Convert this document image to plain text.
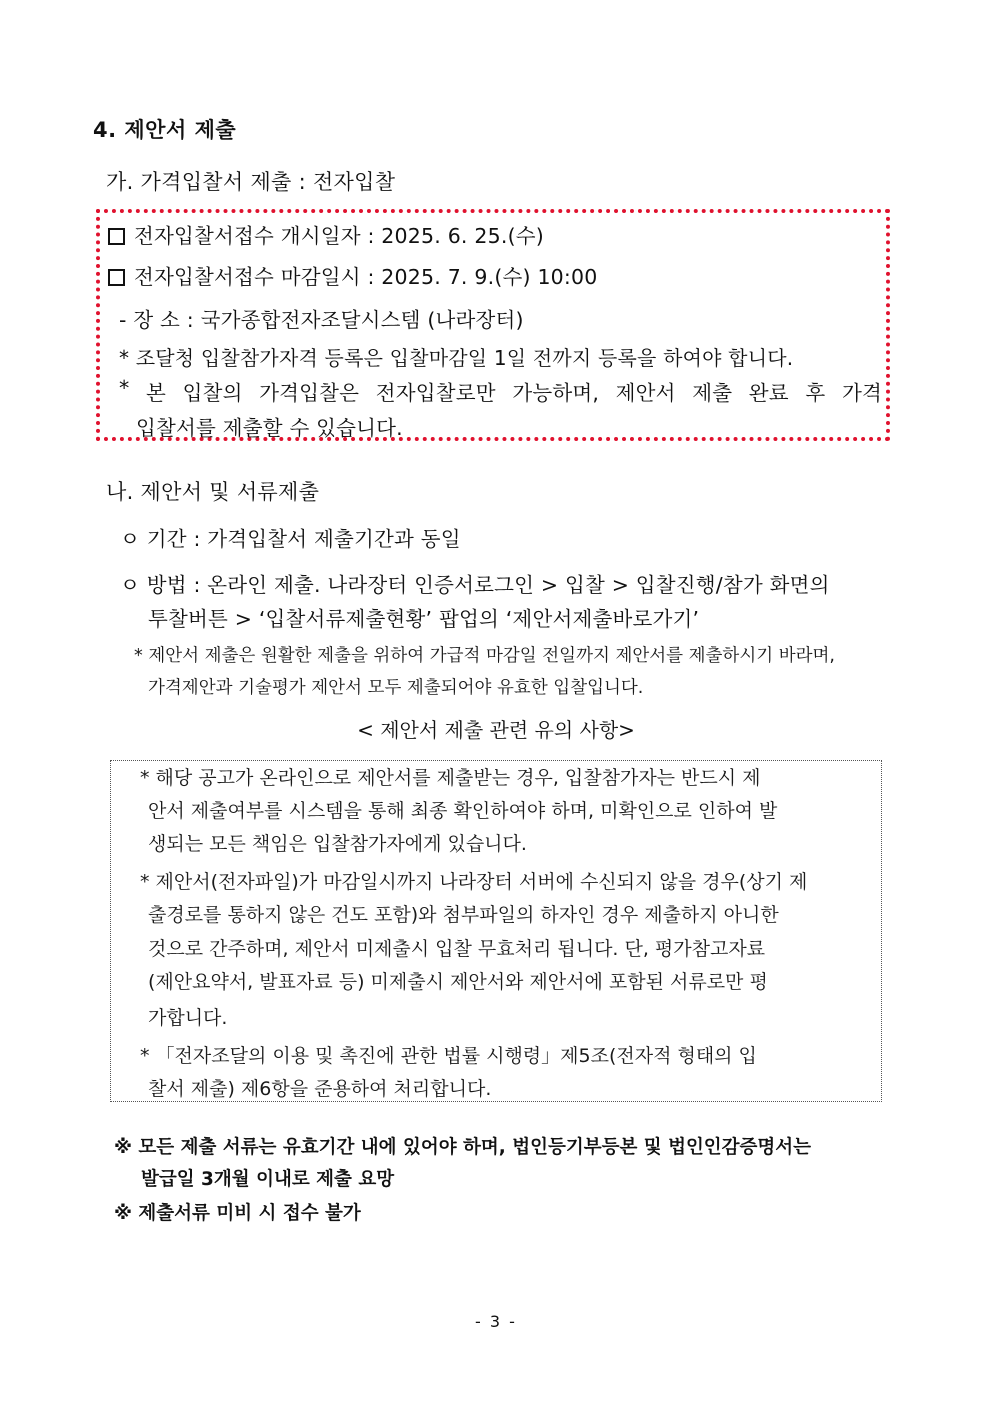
4. 제안서 제출
가. 가격입찰서 제출 : 전자입찰
전자입찰서접수 개시일자 : 2025. 6. 25.(수)
전자입찰서접수 마감일시 : 2025. 7. 9.(수) 10:00
- 장 소 : 국가종합전자조달시스템 (나라장터)
* 조달청 입찰참가자격 등록은 입찰마감일 1일 전까지 등록을 하여야 합니다.
* 본 입찰의 가격입찰은 전자입찰로만 가능하며, 제안서 제출 완료 후 가격
입찰서를 제출할 수 있습니다.
나. 제안서 및 서류제출
ㅇ 기간 : 가격입찰서 제출기간과 동일
ㅇ 방법 : 온라인 제출. 나라장터 인증서로그인 > 입찰 > 입찰진행/참가 화면의
투찰버튼 > ‘입찰서류제출현황’ 팝업의 ‘제안서제출바로가기’
* 제안서 제출은 원활한 제출을 위하여 가급적 마감일 전일까지 제안서를 제출하시기 바라며,
가격제안과 기술평가 제안서 모두 제출되어야 유효한 입찰입니다.
< 제안서 제출 관련 유의 사항>
* 해당 공고가 온라인으로 제안서를 제출받는 경우, 입찰참가자는 반드시 제
안서 제출여부를 시스템을 통해 최종 확인하여야 하며, 미확인으로 인하여 발
생되는 모든 책임은 입찰참가자에게 있습니다.
* 제안서(전자파일)가 마감일시까지 나라장터 서버에 수신되지 않을 경우(상기 제
출경로를 통하지 않은 건도 포함)와 첨부파일의 하자인 경우 제출하지 아니한
것으로 간주하며, 제안서 미제출시 입찰 무효처리 됩니다. 단, 평가참고자료
(제안요약서, 발표자료 등) 미제출시 제안서와 제안서에 포함된 서류로만 평
가합니다.
* 「전자조달의 이용 및 촉진에 관한 법률 시행령」제5조(전자적 형태의 입
찰서 제출) 제6항을 준용하여 처리합니다.
※ 모든 제출 서류는 유효기간 내에 있어야 하며, 법인등기부등본 및 법인인감증명서는
발급일 3개월 이내로 제출 요망
※ 제출서류 미비 시 접수 불가
- 3 -
